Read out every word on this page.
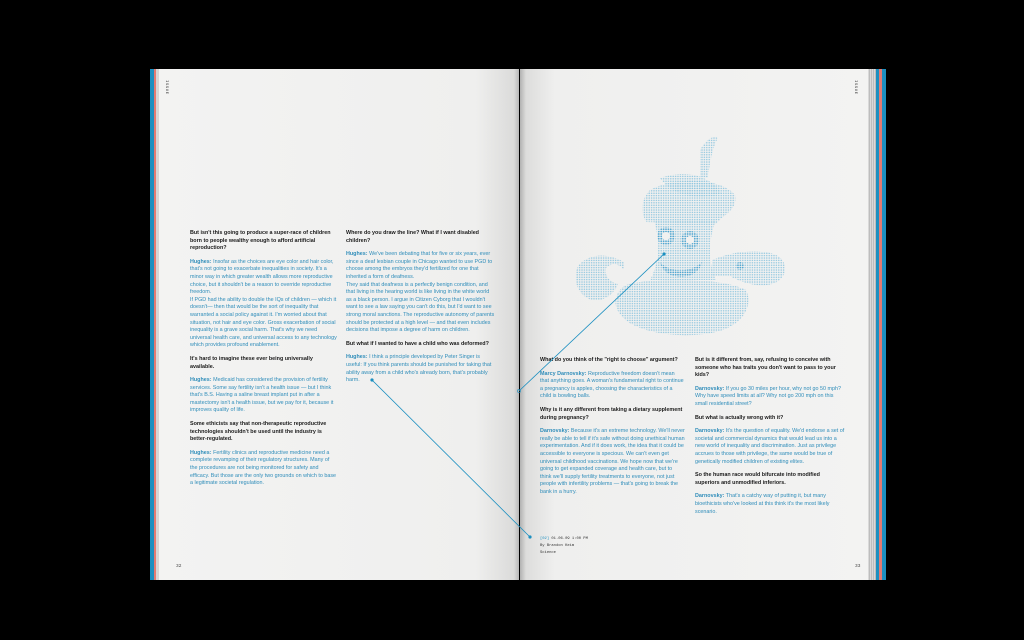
ISSUE	ISSUE
32	33

But isn't this going to produce a super-race of children born to people wealthy enough to afford artificial reproduction?

Hughes: Insofar as the choices are eye color and hair color, that's not going to exacerbate inequalities in society. It's a minor way in which greater wealth allows more reproductive choice, but it shouldn't be a reason to override reproductive freedom.
If PGD had the ability to double the IQs of children — which it doesn't— then that would be the sort of inequality that warranted a social policy against it. I'm worried about that situation, not hair and eye color. Gross exacerbation of social inequality is a grave social harm. That's why we need universal health care, and universal access to any technology which provides profound enablement.

It's hard to imagine these ever being universally available.

Hughes: Medicaid has considered the provision of fertility services. Some say fertility isn't a health issue — but I think that's B.S. Having a saline breast implant put in after a mastectomy isn't a health issue, but we pay for it, because it improves quality of life.

Some ethicists say that non-therapeutic reproductive technologies shouldn't be used until the industry is better-regulated.

Hughes: Fertility clinics and reproductive medicine need a complete revamping of their regulatory structures. Many of the procedures are not being monitored for safety and efficacy. But those are the only two grounds on which to base a legitimate societal regulation.

Where do you draw the line? What if I want disabled children?

Hughes: We've been debating that for five or six years, ever since a deaf lesbian couple in Chicago wanted to use PGD to choose among the embryos they'd fertilized for one that inherited a form of deafness.
They said that deafness is a perfectly benign condition, and that living in the hearing world is like living in the white world as a black person. I argue in Citizen Cyborg that I wouldn't want to see a law saying you can't do this, but I'd want to see strong moral sanctions. The reproductive autonomy of parents should be protected at a high level — and that even includes decisions that impose a degree of harm on children.

But what if I wanted to have a child who was deformed?

Hughes: I think a principle developed by Peter Singer is useful: If you think parents should be punished for taking that ability away from a child who's already born, that's probably harm.

What do you think of the "right to choose" argument?

Marcy Darnovsky: Reproductive freedom doesn't mean that anything goes. A woman's fundamental right to continue a pregnancy is apples, choosing the characteristics of a child is bowling balls.

Why is it any different from taking a dietary supplement during pregnancy?

Darnovsky: Because it's an extreme technology. We'll never really be able to tell if it's safe without doing unethical human experimentation. And if it does work, the idea that it could be accessible to everyone is specious. We can't even get universal childhood vaccinations. We hope now that we're going to get expanded coverage and health care, but to think we'll supply fertility treatments to everyone, not just people with infertility problems — that's going to break the bank in a hurry.

But is it different from, say, refusing to conceive with someone who has traits you don't want to pass to your kids?

Darnovsky: If you go 30 miles per hour, why not go 50 mph? Why have speed limits at all? Why not go 200 mph on this small residential street?

But what is actually wrong with it?

Darnovsky: It's the question of equality. We'd endorse a set of societal and commercial dynamics that would lead us into a new world of inequality and discrimination. Just as privilege accrues to those with privilege, the same would be true of genetically modified children of existing elites.

So the human race would bifurcate into modified superiors and unmodified inferiors.

Darnovsky: That's a catchy way of putting it, but many bioethicists who've looked at this think it's the most likely scenario.

[02] 01.06.09 1:00 PM
By Brandon Keim
Science
